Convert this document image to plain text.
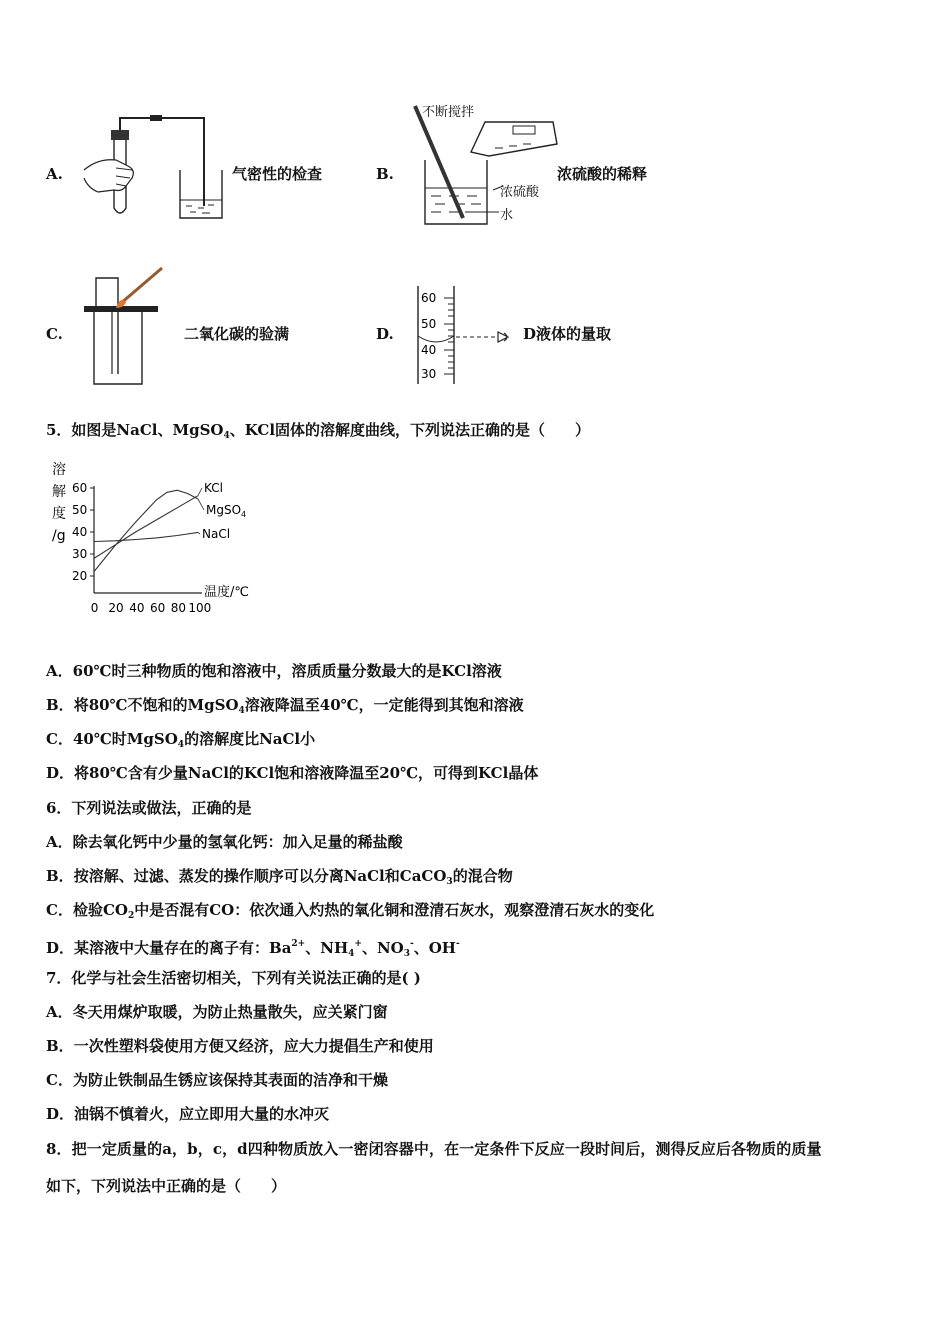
A.	气密性的检查	B.
不断搅拌
浓硫酸
水
浓硫酸的稀释
C.	二氧化碳的验满	D.
60
50
40
30
D液体的量取
5．如图是NaCl、MgSO$_4$、KCl固体的溶解度曲线，下列说法正确的是（　　）
60
50
40
30
20
0 20 40 60 80 100
溶
解
度
/g
温度/℃
KCl
MgSO$_4$
NaCl
A．60℃时三种物质的饱和溶液中，溶质质量分数最大的是KCl溶液
B．将80℃不饱和的MgSO$_4$溶液降温至40℃，一定能得到其饱和溶液
C．40℃时MgSO$_4$的溶解度比NaCl小
D．将80℃含有少量NaCl的KCl饱和溶液降温至20℃，可得到KCl晶体
6．下列说法或做法，正确的是
A．除去氧化钙中少量的氢氧化钙：加入足量的稀盐酸
B．按溶解、过滤、蒸发的操作顺序可以分离NaCl和CaCO$_3$的混合物
C．检验$CO_2$中是否混有CO：依次通入灼热的氧化铜和澄清石灰水，观察澄清石灰水的变化
D．某溶液中大量存在的离子有：$Ba^{2+}$、$NH_4^+$、$NO_3^-$、OH-
7．化学与社会生活密切相关，下列有关说法正确的是( )
A．冬天用煤炉取暖，为防止热量散失，应关紧门窗
B．一次性塑料袋使用方便又经济，应大力提倡生产和使用
C．为防止铁制品生锈应该保持其表面的洁净和干燥
D．油锅不慎着火，应立即用大量的水冲灭
8．把一定质量的a，b，c，d四种物质放入一密闭容器中，在一定条件下反应一段时间后，测得反应后各物质的质量
如下，下列说法中正确的是（　　）
